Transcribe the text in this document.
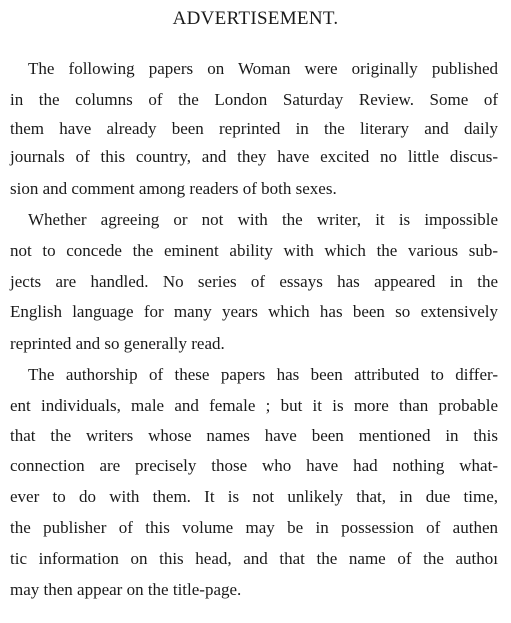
ADVERTISEMENT.
The following papers on Woman were originally published
in the columns of the London Saturday Review. Some of
them have already been reprinted in the literary and daily
journals of this country, and they have excited no little discus-
sion and comment among readers of both sexes.
Whether agreeing or not with the writer, it is impossible
not to concede the eminent ability with which the various sub-
jects are handled. No series of essays has appeared in the
English language for many years which has been so extensively
reprinted and so generally read.
The authorship of these papers has been attributed to differ-
ent individuals, male and female ; but it is more than probable
that the writers whose names have been mentioned in this
connection are precisely those who have had nothing what-
ever to do with them. It is not unlikely that, in due time,
the publisher of this volume may be in possession of authen
tic information on this head, and that the name of the authoı
may then appear on the title-page.
